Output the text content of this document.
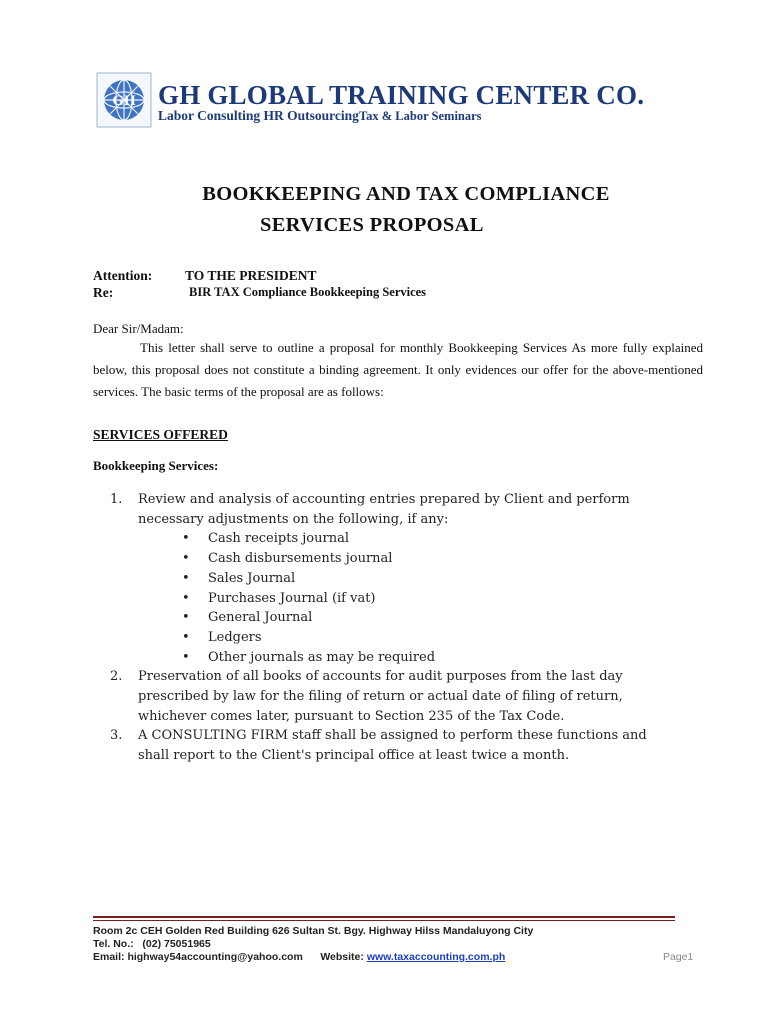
GH GH GLOBAL TRAINING CENTER CO.
Labor Consulting HR OutsourcingTax & Labor Seminars
BOOKKEEPING AND TAX COMPLIANCE
SERVICES PROPOSAL
Attention: TO THE PRESIDENT
Re:	BIR TAX Compliance Bookkeeping Services
Dear Sir/Madam:
This letter shall serve to outline a proposal for monthly Bookkeeping Services As more fully explained below, this proposal does not constitute a binding agreement. It only evidences our offer for the above-mentioned services. The basic terms of the proposal are as follows:
SERVICES OFFERED
Bookkeeping Services:
1. Review and analysis of accounting entries prepared by Client and perform necessary adjustments on the following, if any:
• Cash receipts journal
• Cash disbursements journal
• Sales Journal
• Purchases Journal (if vat)
• General Journal
• Ledgers
• Other journals as may be required
2. Preservation of all books of accounts for audit purposes from the last day prescribed by law for the filing of return or actual date of filing of return, whichever comes later, pursuant to Section 235 of the Tax Code.
3. A CONSULTING FIRM staff shall be assigned to perform these functions and shall report to the Client's principal office at least twice a month.
Room 2c CEH Golden Red Building 626 Sultan St. Bgy. Highway Hilss Mandaluyong City
Tel. No.: (02) 75051965
Email: highway54accounting@yahoo.com Website: www.taxaccounting.com.ph	Page1
